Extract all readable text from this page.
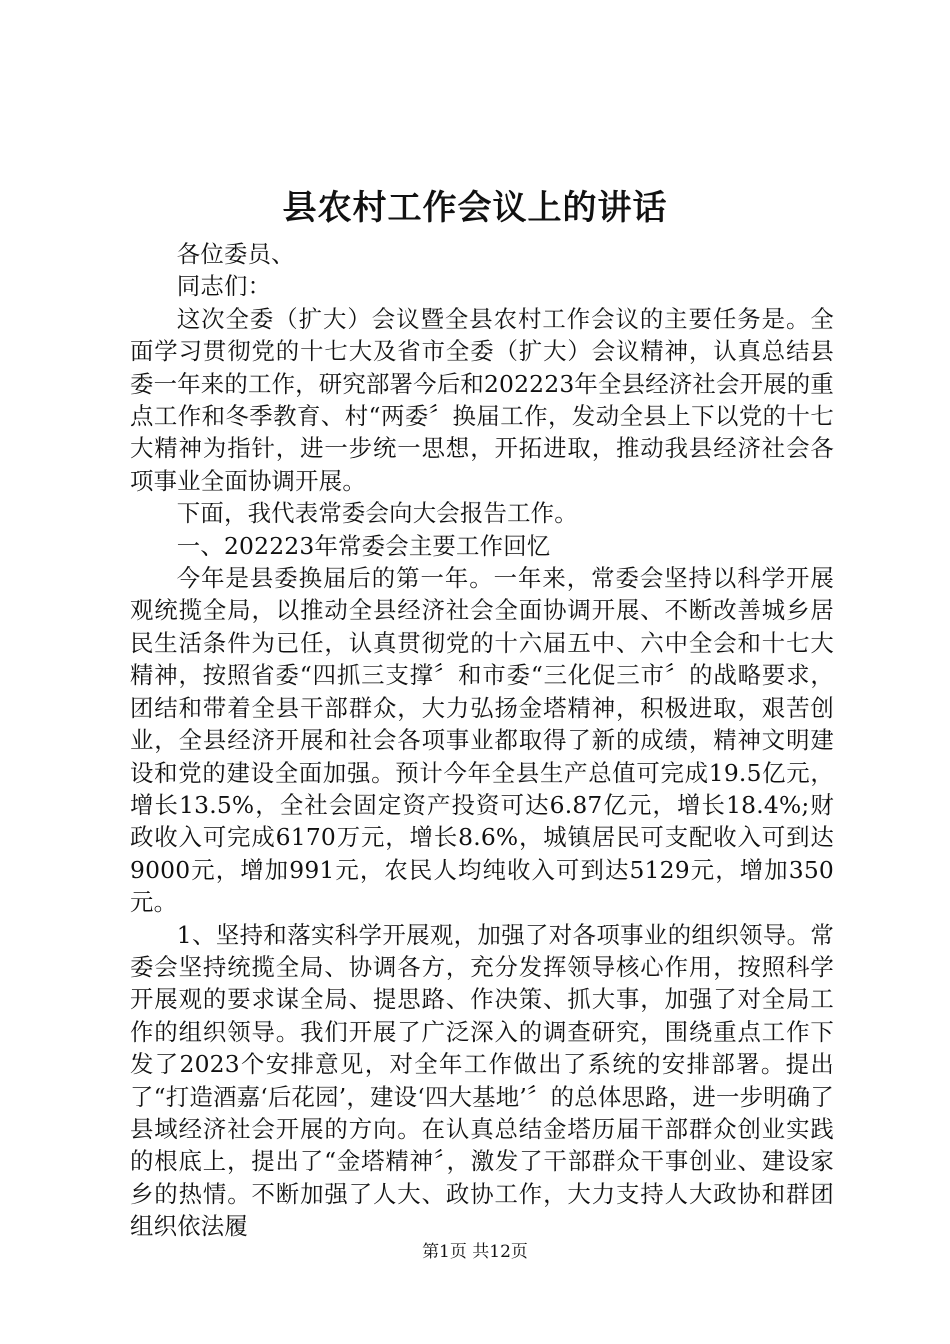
县农村工作会议上的讲话

各位委员、

同志们：

这次全委（扩大）会议暨全县农村工作会议的主要任务是。全面学习贯彻党的十七大及省市全委（扩大）会议精神，认真总结县委一年来的工作，研究部署今后和202223年全县经济社会开展的重点工作和冬季教育、村“两委〞换届工作，发动全县上下以党的十七大精神为指针，进一步统一思想，开拓进取，推动我县经济社会各项事业全面协调开展。

下面，我代表常委会向大会报告工作。

一、202223年常委会主要工作回忆

今年是县委换届后的第一年。一年来，常委会坚持以科学开展观统揽全局，以推动全县经济社会全面协调开展、不断改善城乡居民生活条件为已任，认真贯彻党的十六届五中、六中全会和十七大精神，按照省委“四抓三支撑〞和市委“三化促三市〞的战略要求，团结和带着全县干部群众，大力弘扬金塔精神，积极进取，艰苦创业，全县经济开展和社会各项事业都取得了新的成绩，精神文明建设和党的建设全面加强。预计今年全县生产总值可完成19.5亿元，增长13.5%，全社会固定资产投资可达6.87亿元，增长18.4%;财政收入可完成6170万元，增长8.6%，城镇居民可支配收入可到达9000元，增加991元，农民人均纯收入可到达5129元，增加350元。

1、坚持和落实科学开展观，加强了对各项事业的组织领导。常委会坚持统揽全局、协调各方，充分发挥领导核心作用，按照科学开展观的要求谋全局、提思路、作决策、抓大事，加强了对全局工作的组织领导。我们开展了广泛深入的调查研究，围绕重点工作下发了2023个安排意见，对全年工作做出了系统的安排部署。提出了“打造酒嘉‘后花园’，建设‘四大基地’〞的总体思路，进一步明确了县域经济社会开展的方向。在认真总结金塔历届干部群众创业实践的根底上，提出了“金塔精神〞，激发了干部群众干事创业、建设家乡的热情。不断加强了人大、政协工作，大力支持人大政协和群团组织依法履

第1页 共12页
